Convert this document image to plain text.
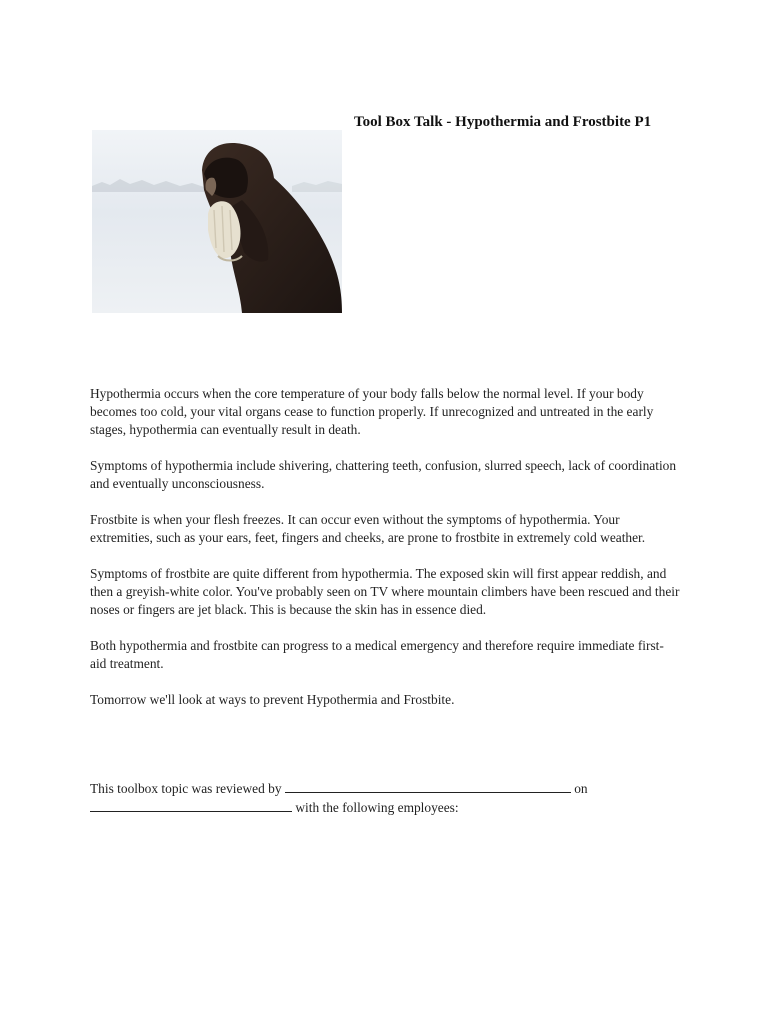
Tool Box Talk - Hypothermia and Frostbite P1

Hypothermia occurs when the core temperature of your body falls below the normal level. If your body becomes too cold, your vital organs cease to function properly. If unrecognized and untreated in the early stages, hypothermia can eventually result in death.

Symptoms of hypothermia include shivering, chattering teeth, confusion, slurred speech, lack of coordination and eventually unconsciousness.

Frostbite is when your flesh freezes. It can occur even without the symptoms of hypothermia. Your extremities, such as your ears, feet, fingers and cheeks, are prone to frostbite in extremely cold weather.

Symptoms of frostbite are quite different from hypothermia. The exposed skin will first appear reddish, and then a greyish-white color. You've probably seen on TV where mountain climbers have been rescued and their noses or fingers are jet black. This is because the skin has in essence died.

Both hypothermia and frostbite can progress to a medical emergency and therefore require immediate first-aid treatment.

Tomorrow we'll look at ways to prevent Hypothermia and Frostbite.

This toolbox topic was reviewed by	on  with the following employees:
